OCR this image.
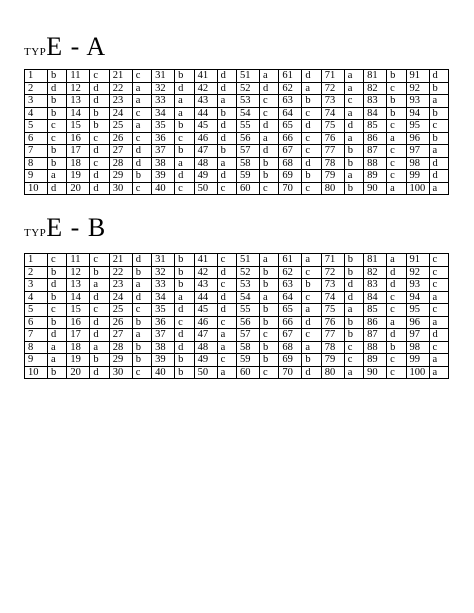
TYPE - A
1	b	11	c	21	c	31	b	41	d	51	a	61	d	71	a	81	b	91	d
2	d	12	d	22	a	32	d	42	d	52	d	62	a	72	a	82	c	92	b
3	b	13	d	23	a	33	a	43	a	53	c	63	b	73	c	83	b	93	a
4	b	14	b	24	c	34	a	44	b	54	c	64	c	74	a	84	b	94	b
5	c	15	b	25	a	35	b	45	d	55	d	65	d	75	d	85	c	95	c
6	c	16	c	26	c	36	c	46	d	56	a	66	c	76	a	86	a	96	b
7	b	17	d	27	d	37	b	47	b	57	d	67	c	77	b	87	c	97	a
8	b	18	c	28	d	38	a	48	a	58	b	68	d	78	b	88	c	98	d
9	a	19	d	29	b	39	d	49	d	59	b	69	b	79	a	89	c	99	d
10	d	20	d	30	c	40	c	50	c	60	c	70	c	80	b	90	a	100	a
TYPE - B
1	c	11	c	21	d	31	b	41	c	51	a	61	a	71	b	81	a	91	c
2	b	12	b	22	b	32	b	42	d	52	b	62	c	72	b	82	d	92	c
3	d	13	a	23	a	33	b	43	c	53	b	63	b	73	d	83	d	93	c
4	b	14	d	24	d	34	a	44	d	54	a	64	c	74	d	84	c	94	a
5	c	15	c	25	c	35	d	45	d	55	b	65	a	75	a	85	c	95	c
6	b	16	d	26	b	36	c	46	c	56	b	66	d	76	b	86	a	96	a
7	d	17	d	27	a	37	d	47	a	57	c	67	c	77	b	87	d	97	d
8	a	18	a	28	b	38	d	48	a	58	b	68	a	78	c	88	b	98	c
9	a	19	b	29	b	39	b	49	c	59	b	69	b	79	c	89	c	99	a
10	b	20	d	30	c	40	b	50	a	60	c	70	d	80	a	90	c	100	a
